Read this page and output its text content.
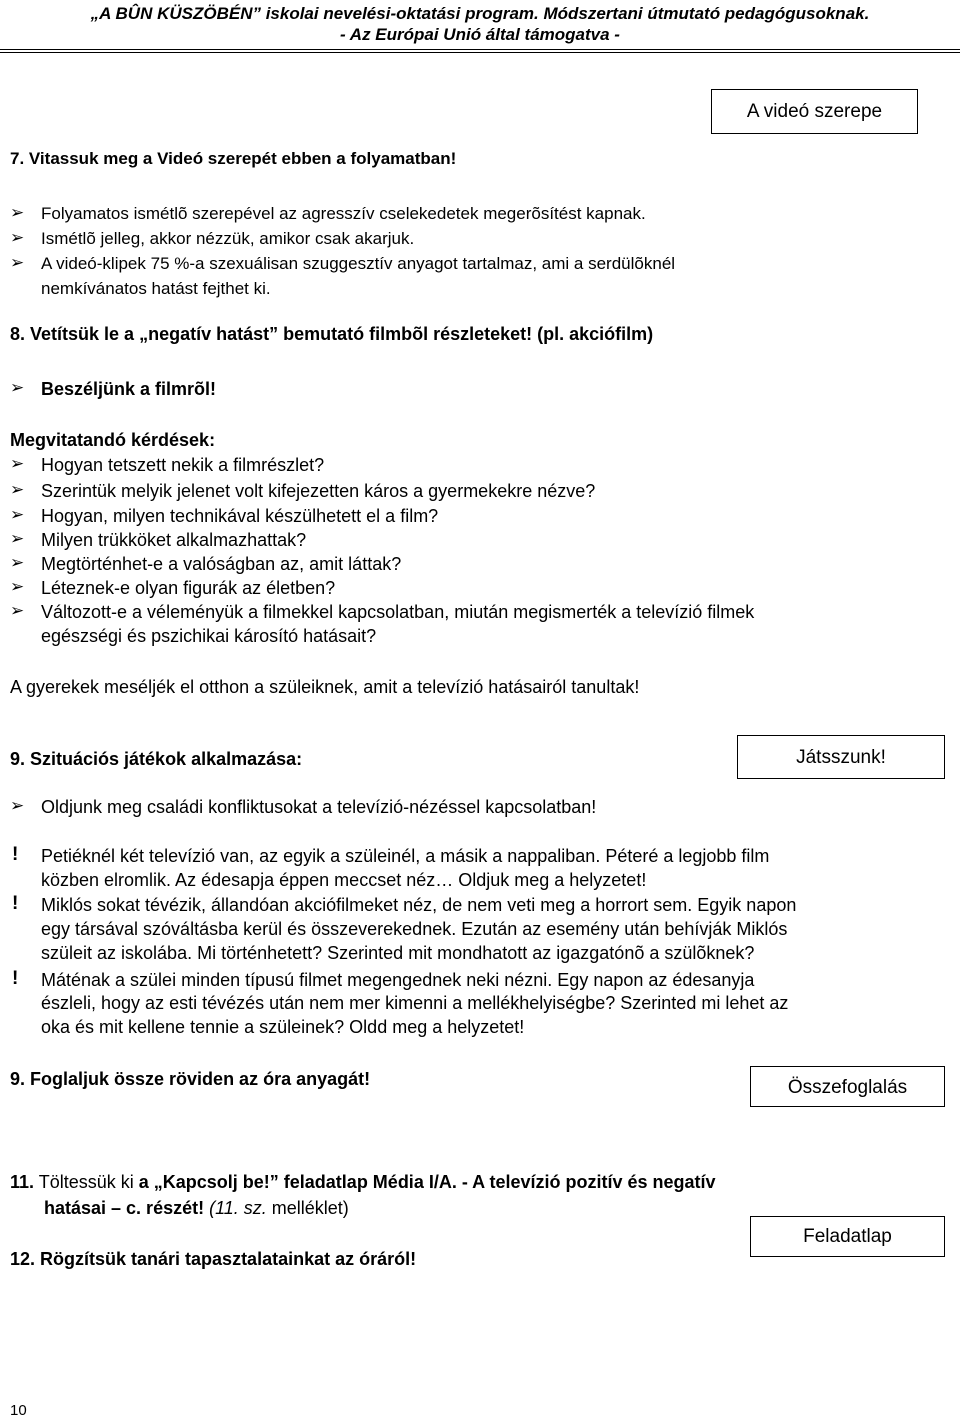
„A BÛN KÜSZÖBÉN” iskolai nevelési-oktatási program. Módszertani útmutató pedagógusoknak.
- Az Európai Unió által támogatva -
A videó szerepe
7. Vitassuk meg a Videó szerepét ebben a folyamatban!
➢ Folyamatos ismétlõ szerepével az agresszív cselekedetek megerõsítést kapnak.
➢ Ismétlõ jelleg, akkor nézzük, amikor csak akarjuk.
➢ A videó-klipek 75 %-a szexuálisan szuggesztív anyagot tartalmaz, ami a serdülõknél
nemkívánatos hatást fejthet ki.
8. Vetítsük le a „negatív hatást” bemutató filmbõl részleteket! (pl. akciófilm)
➢ Beszéljünk a filmrõl!
Megvitatandó kérdések:
➢ Hogyan tetszett nekik a filmrészlet?
➢ Szerintük melyik jelenet volt kifejezetten káros a gyermekekre nézve?
➢ Hogyan, milyen technikával készülhetett el a film?
➢ Milyen trükköket alkalmazhattak?
➢ Megtörténhet-e a valóságban az, amit láttak?
➢ Léteznek-e olyan figurák az életben?
➢ Változott-e a véleményük a filmekkel kapcsolatban, miután megismerték a televízió filmek
egészségi és pszichikai károsító hatásait?
A gyerekek meséljék el otthon a szüleiknek, amit a televízió hatásairól tanultak!
9. Szituációs játékok alkalmazása:	Játsszunk!
➢ Oldjunk meg családi konfliktusokat a televízió-nézéssel kapcsolatban!
! Petiéknél két televízió van, az egyik a szüleinél, a másik a nappaliban. Péteré a legjobb film
közben elromlik. Az édesapja éppen meccset néz… Oldjuk meg a helyzetet!
! Miklós sokat tévézik, állandóan akciófilmeket néz, de nem veti meg a horrort sem. Egyik napon
egy társával szóváltásba kerül és összeverekednek. Ezután az esemény után behívják Miklós
szüleit az iskolába. Mi történhetett? Szerinted mit mondhatott az igazgatónõ a szülõknek?
! Máténak a szülei minden típusú filmet megengednek neki nézni. Egy napon az édesanyja
észleli, hogy az esti tévézés után nem mer kimenni a mellékhelyiségbe? Szerinted mi lehet az
oka és mit kellene tennie a szüleinek? Oldd meg a helyzetet!
9. Foglaljuk össze röviden az óra anyagát!	Összefoglalás
11. Töltessük ki a „Kapcsolj be!” feladatlap Média I/A. - A televízió pozitív és negatív
hatásai – c. részét! (11. sz. melléklet)
Feladatlap
12. Rögzítsük tanári tapasztalatainkat az óráról!
10
